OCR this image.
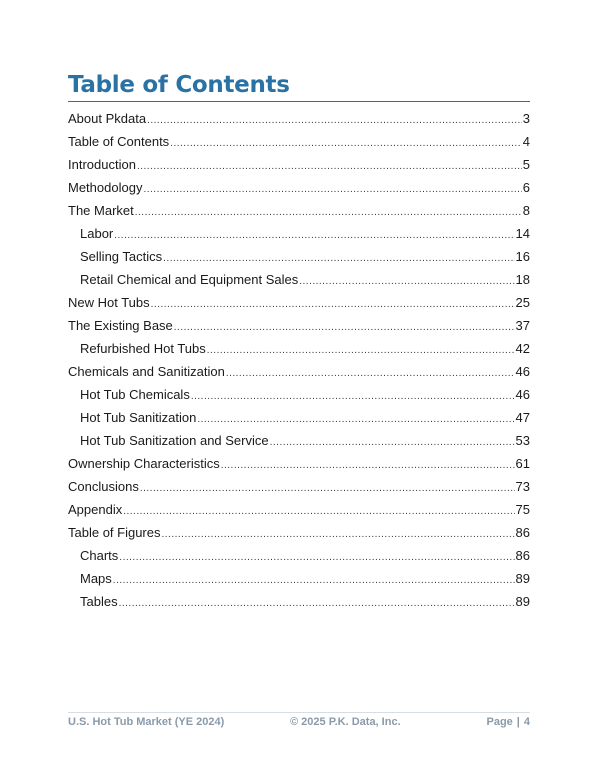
Table of Contents
About Pkdata .....	3
Table of Contents .....	4
Introduction .....	5
Methodology .....	6
The Market .....	8
Labor .....	14
Selling Tactics .....	16
Retail Chemical and Equipment Sales .....	18
New Hot Tubs .....	25
The Existing Base .....	37
Refurbished Hot Tubs .....	42
Chemicals and Sanitization .....	46
Hot Tub Chemicals .....	46
Hot Tub Sanitization .....	47
Hot Tub Sanitization and Service .....	53
Ownership Characteristics .....	61
Conclusions .....	73
Appendix .....	75
Table of Figures .....	86
Charts .....	86
Maps .....	89
Tables .....	89
U.S. Hot Tub Market (YE 2024)	© 2025 P.K. Data, Inc.	Page | 4
